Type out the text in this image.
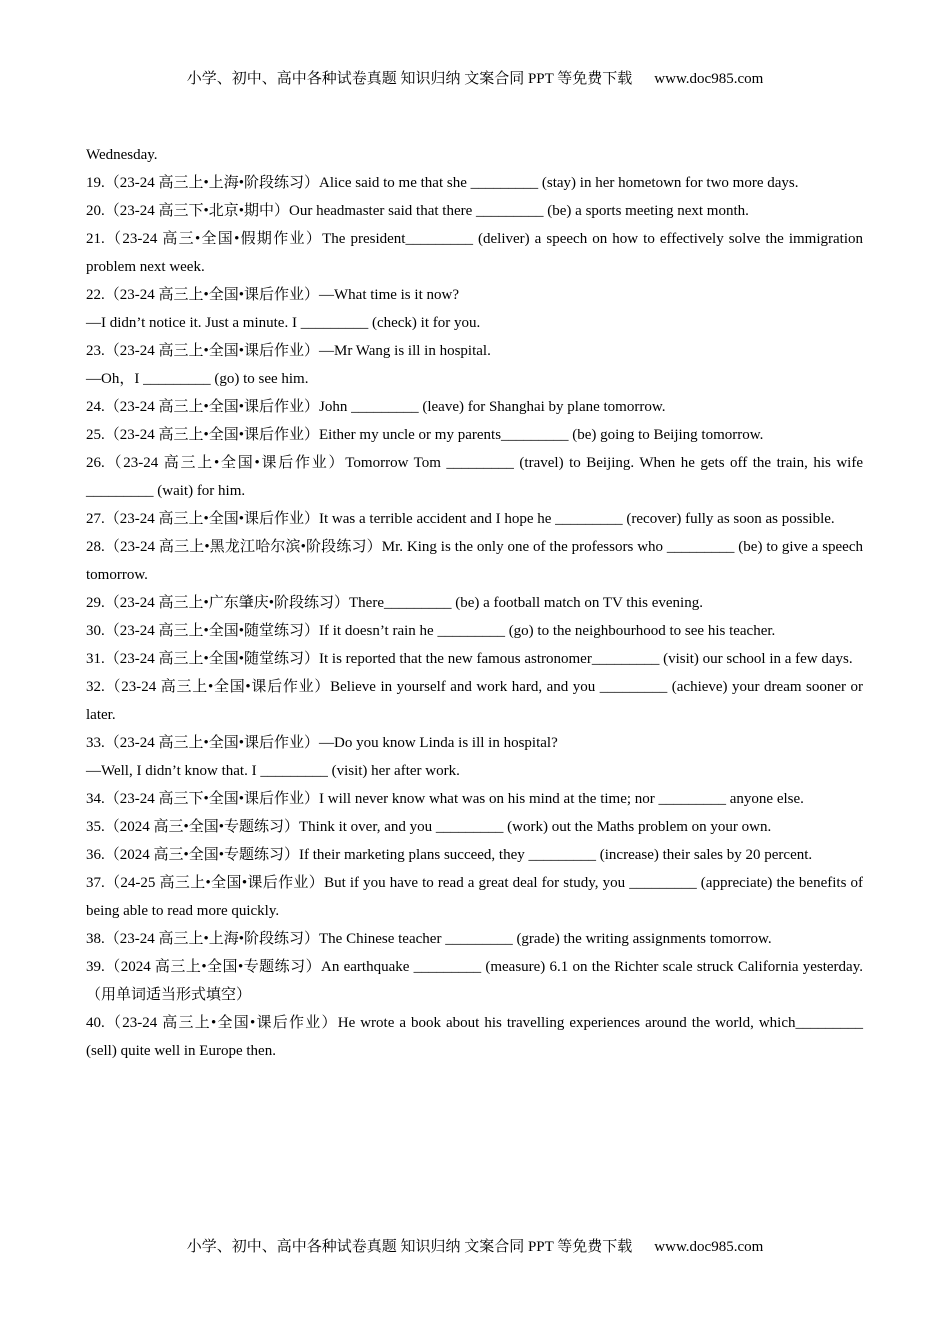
小学、初中、高中各种试卷真题 知识归纳 文案合同 PPT 等免费下载 www.doc985.com

Wednesday.

19.（23-24 高三上•上海•阶段练习）Alice said to me that she _________ (stay) in her hometown for two more days.

20.（23-24 高三下•北京•期中）Our headmaster said that there _________ (be) a sports meeting next month.

21.（23-24 高三•全国•假期作业）The president_________ (deliver) a speech on how to effectively solve the immigration problem next week.

22.（23-24 高三上•全国•课后作业）—What time is it now?

—I didn’t notice it. Just a minute. I _________ (check) it for you.

23.（23-24 高三上•全国•课后作业）—Mr Wang is ill in hospital.

—Oh，I _________ (go) to see him.

24.（23-24 高三上•全国•课后作业）John _________ (leave) for Shanghai by plane tomorrow.

25.（23-24 高三上•全国•课后作业）Either my uncle or my parents_________ (be) going to Beijing tomorrow.

26.（23-24 高三上•全国•课后作业）Tomorrow Tom _________ (travel) to Beijing. When he gets off the train, his wife _________ (wait) for him.

27.（23-24 高三上•全国•课后作业）It was a terrible accident and I hope he _________ (recover) fully as soon as possible.

28.（23-24 高三上•黑龙江哈尔滨•阶段练习）Mr. King is the only one of the professors who _________ (be) to give a speech tomorrow.

29.（23-24 高三上•广东肇庆•阶段练习）There_________ (be) a football match on TV this evening.

30.（23-24 高三上•全国•随堂练习）If it doesn’t rain he _________ (go) to the neighbourhood to see his teacher.

31.（23-24 高三上•全国•随堂练习）It is reported that the new famous astronomer_________ (visit) our school in a few days.

32.（23-24 高三上•全国•课后作业）Believe in yourself and work hard, and you _________ (achieve) your dream sooner or later.

33.（23-24 高三上•全国•课后作业）—Do you know Linda is ill in hospital?

—Well, I didn’t know that. I _________ (visit) her after work.

34.（23-24 高三下•全国•课后作业）I will never know what was on his mind at the time; nor _________ anyone else.

35.（2024 高三•全国•专题练习）Think it over, and you _________ (work) out the Maths problem on your own.

36.（2024 高三•全国•专题练习）If their marketing plans succeed, they _________ (increase) their sales by 20 percent.

37.（24-25 高三上•全国•课后作业）But if you have to read a great deal for study, you _________ (appreciate) the benefits of being able to read more quickly.

38.（23-24 高三上•上海•阶段练习）The Chinese teacher _________ (grade) the writing assignments tomorrow.

39.（2024 高三上•全国•专题练习）An earthquake _________ (measure) 6.1 on the Richter scale struck California yesterday.（用单词适当形式填空）

40.（23-24 高三上•全国•课后作业）He wrote a book about his travelling experiences around the world, which_________ (sell) quite well in Europe then.

小学、初中、高中各种试卷真题 知识归纳 文案合同 PPT 等免费下载 www.doc985.com
